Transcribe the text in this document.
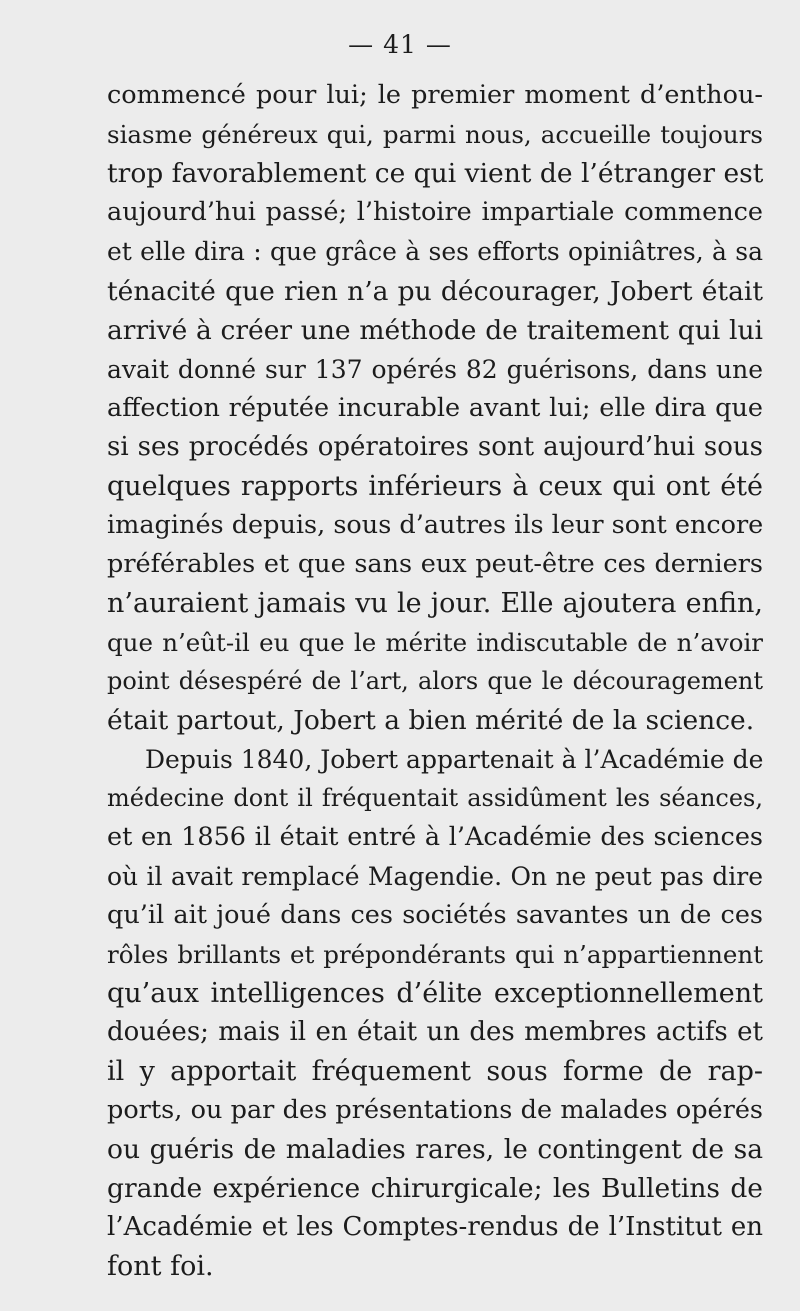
— 41 —
commencé pour lui; le premier moment d’enthou-
siasme généreux qui, parmi nous, accueille toujours
trop favorablement ce qui vient de l’étranger est
aujourd’hui passé; l’histoire impartiale commence
et elle dira : que grâce à ses efforts opiniâtres, à sa
ténacité que rien n’a pu décourager, Jobert était
arrivé à créer une méthode de traitement qui lui
avait donné sur 137 opérés 82 guérisons, dans une
affection réputée incurable avant lui; elle dira que
si ses procédés opératoires sont aujourd’hui sous
quelques rapports inférieurs à ceux qui ont été
imaginés depuis, sous d’autres ils leur sont encore
préférables et que sans eux peut-être ces derniers
n’auraient jamais vu le jour. Elle ajoutera enfin,
que n’eût-il eu que le mérite indiscutable de n’avoir
point désespéré de l’art, alors que le découragement
était partout, Jobert a bien mérité de la science.
Depuis 1840, Jobert appartenait à l’Académie de
médecine dont il fréquentait assidûment les séances,
et en 1856 il était entré à l’Académie des sciences
où il avait remplacé Magendie. On ne peut pas dire
qu’il ait joué dans ces sociétés savantes un de ces
rôles brillants et prépondérants qui n’appartiennent
qu’aux intelligences d’élite exceptionnellement
douées; mais il en était un des membres actifs et
il y apportait fréquement sous forme de rap-
ports, ou par des présentations de malades opérés
ou guéris de maladies rares, le contingent de sa
grande expérience chirurgicale; les Bulletins de
l’Académie et les Comptes-rendus de l’Institut en
font foi.
